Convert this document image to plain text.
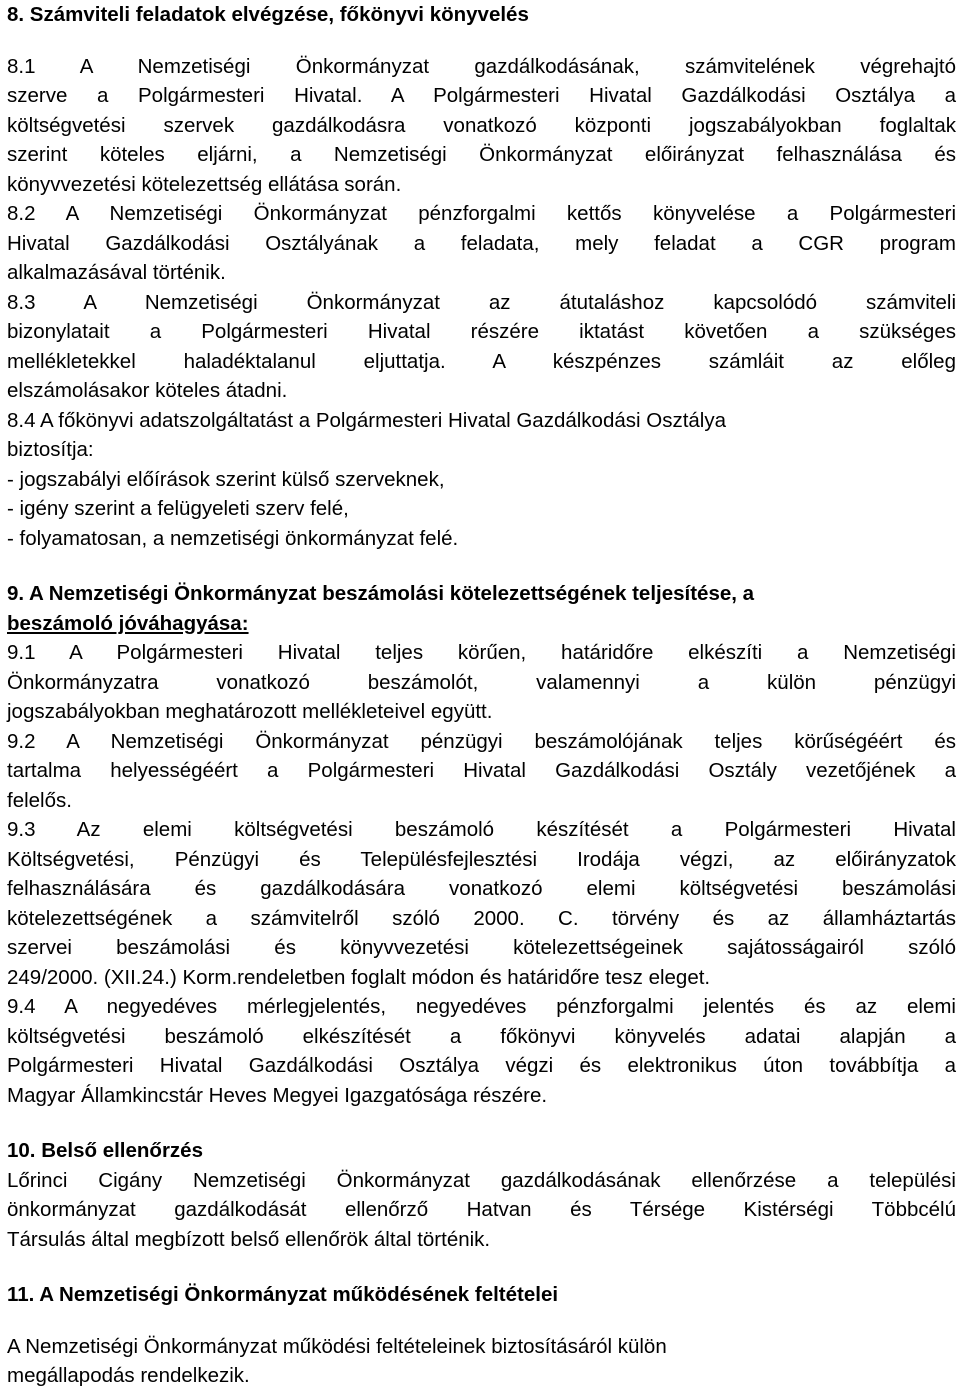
8. Számviteli feladatok elvégzése, főkönyvi könyvelés
8.1 A Nemzetiségi Önkormányzat gazdálkodásának, számvitelének végrehajtó
szerve a Polgármesteri Hivatal. A Polgármesteri Hivatal Gazdálkodási Osztálya a
költségvetési szervek gazdálkodásra vonatkozó központi jogszabályokban foglaltak
szerint köteles eljárni, a Nemzetiségi Önkormányzat előirányzat felhasználása és
könyvvezetési kötelezettség ellátása során.
8.2 A Nemzetiségi Önkormányzat pénzforgalmi kettős könyvelése a Polgármesteri
Hivatal Gazdálkodási Osztályának a feladata, mely feladat a CGR program
alkalmazásával történik.
8.3 A Nemzetiségi Önkormányzat az átutaláshoz kapcsolódó számviteli
bizonylatait a Polgármesteri Hivatal részére iktatást követően a szükséges
mellékletekkel haladéktalanul eljuttatja. A készpénzes számláit az előleg
elszámolásakor köteles átadni.
8.4 A főkönyvi adatszolgáltatást a Polgármesteri Hivatal Gazdálkodási Osztálya
biztosítja:
- jogszabályi előírások szerint külső szerveknek,
- igény szerint a felügyeleti szerv felé,
- folyamatosan, a nemzetiségi önkormányzat felé.
9. A Nemzetiségi Önkormányzat beszámolási kötelezettségének teljesítése, a
beszámoló jóváhagyása:
9.1 A Polgármesteri Hivatal teljes körűen, határidőre elkészíti a Nemzetiségi
Önkormányzatra vonatkozó beszámolót, valamennyi a külön pénzügyi
jogszabályokban meghatározott mellékleteivel együtt.
9.2 A Nemzetiségi Önkormányzat pénzügyi beszámolójának teljes körűségéért és
tartalma helyességéért a Polgármesteri Hivatal Gazdálkodási Osztály vezetőjének a
felelős.
9.3 Az elemi költségvetési beszámoló készítését a Polgármesteri Hivatal
Költségvetési, Pénzügyi és Településfejlesztési Irodája végzi, az előirányzatok
felhasználására és gazdálkodására vonatkozó elemi költségvetési beszámolási
kötelezettségének a számvitelről szóló 2000. C. törvény és az államháztartás
szervei beszámolási és könyvvezetési kötelezettségeinek sajátosságairól szóló
249/2000. (XII.24.) Korm.rendeletben foglalt módon és határidőre tesz eleget.
9.4 A negyedéves mérlegjelentés, negyedéves pénzforgalmi jelentés és az elemi
költségvetési beszámoló elkészítését a főkönyvi könyvelés adatai alapján a
Polgármesteri Hivatal Gazdálkodási Osztálya végzi és elektronikus úton továbbítja a
Magyar Államkincstár Heves Megyei Igazgatósága részére.
10. Belső ellenőrzés
Lőrinci Cigány Nemzetiségi Önkormányzat gazdálkodásának ellenőrzése a települési
önkormányzat gazdálkodását ellenőrző Hatvan és Térsége Kistérségi Többcélú
Társulás által megbízott belső ellenőrök által történik.
11. A Nemzetiségi Önkormányzat működésének feltételei
A Nemzetiségi Önkormányzat működési feltételeinek biztosításáról külön
megállapodás rendelkezik.
